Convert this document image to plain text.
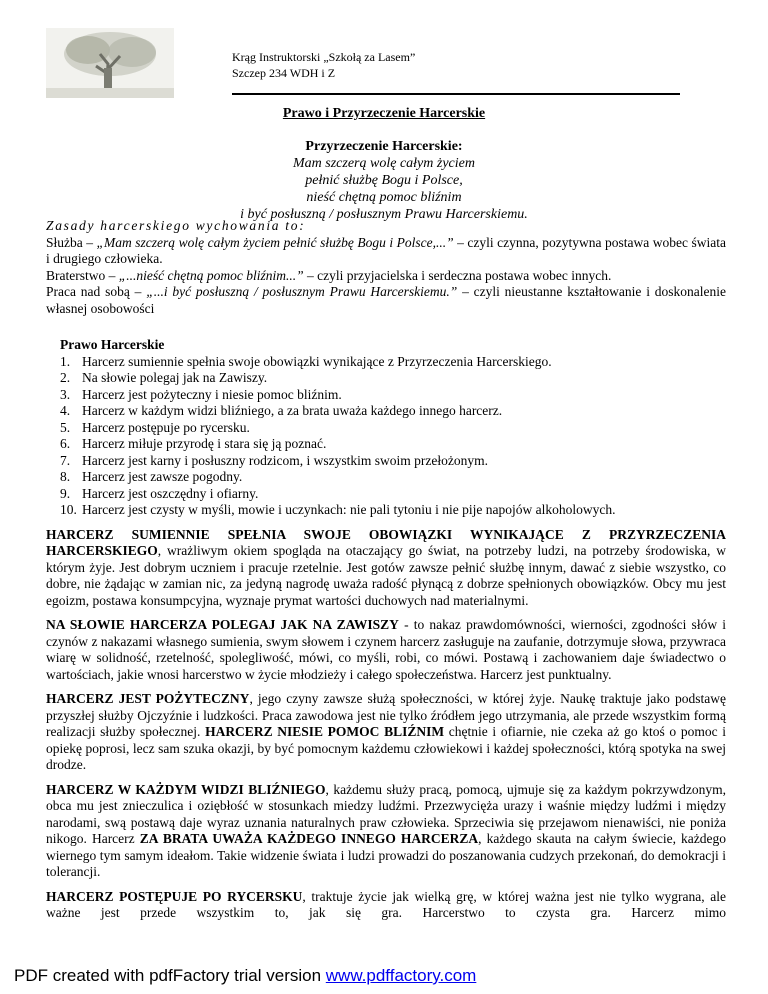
Krąg Instruktorski „Szkołą za Lasem”
Szczep 234 WDH i Z
Prawo i Przyrzeczenie Harcerskie
Przyrzeczenie Harcerskie:
Mam szczerą wolę całym życiem
pełnić służbę Bogu i Polsce,
nieść chętną pomoc bliźnim
i być posłuszną / posłusznym Prawu Harcerskiemu.
Zasady harcerskiego wychowania to:
Służba – „Mam szczerą wolę całym życiem pełnić służbę Bogu i Polsce,...” – czyli czynna, pozytywna postawa wobec świata i drugiego człowieka.
Braterstwo – „...nieść chętną pomoc bliźnim...” – czyli przyjacielska i serdeczna postawa wobec innych.
Praca nad sobą – „...i być posłuszną / posłusznym Prawu Harcerskiemu.” – czyli nieustanne kształtowanie i doskonalenie własnej osobowości
Prawo Harcerskie
1. Harcerz sumiennie spełnia swoje obowiązki wynikające z Przyrzeczenia Harcerskiego.
2. Na słowie polegaj jak na Zawiszy.
3. Harcerz jest pożyteczny i niesie pomoc bliźnim.
4. Harcerz w każdym widzi bliźniego, a za brata uważa każdego innego harcerz.
5. Harcerz postępuje po rycersku.
6. Harcerz miłuje przyrodę i stara się ją poznać.
7. Harcerz jest karny i posłuszny rodzicom, i wszystkim swoim przełożonym.
8. Harcerz jest zawsze pogodny.
9. Harcerz jest oszczędny i ofiarny.
10. Harcerz jest czysty w myśli, mowie i uczynkach: nie pali tytoniu i nie pije napojów alkoholowych.
HARCERZ SUMIENNIE SPEŁNIA SWOJE OBOWIĄZKI WYNIKAJĄCE Z PRZYRZECZENIA HARCERSKIEGO, wrażliwym okiem spogląda na otaczający go świat, na potrzeby ludzi, na potrzeby środowiska, w którym żyje. Jest dobrym uczniem i pracuje rzetelnie. Jest gotów zawsze pełnić służbę innym, dawać z siebie wszystko, co dobre, nie żądając w zamian nic, za jedyną nagrodę uważa radość płynącą z dobrze spełnionych obowiązków. Obcy mu jest egoizm, postawa konsumpcyjna, wyznaje prymat wartości duchowych nad materialnymi.
NA SŁOWIE HARCERZA POLEGAJ JAK NA ZAWISZY - to nakaz prawdomówności, wierności, zgodności słów i czynów z nakazami własnego sumienia, swym słowem i czynem harcerz zasługuje na zaufanie, dotrzymuje słowa, przywraca wiarę w solidność, rzetelność, spolegliwość, mówi, co myśli, robi, co mówi. Postawą i zachowaniem daje świadectwo o wartościach, jakie wnosi harcerstwo w życie młodzieży i całego społeczeństwa. Harcerz jest punktualny.
HARCERZ JEST POŻYTECZNY, jego czyny zawsze służą społeczności, w której żyje. Naukę traktuje jako podstawę przyszłej służby Ojczyźnie i ludzkości. Praca zawodowa jest nie tylko źródłem jego utrzymania, ale przede wszystkim formą realizacji służby społecznej. HARCERZ NIESIE POMOC BLIŹNIM chętnie i ofiarnie, nie czeka aż go ktoś o pomoc i opiekę poprosi, lecz sam szuka okazji, by być pomocnym każdemu człowiekowi i każdej społeczności, którą spotyka na swej drodze.
HARCERZ W KAŻDYM WIDZI BLIŹNIEGO, każdemu służy pracą, pomocą, ujmuje się za każdym pokrzywdzonym, obca mu jest znieczulica i oziębłość w stosunkach miedzy ludźmi. Przezwycięża urazy i waśnie między ludźmi i między narodami, swą postawą daje wyraz uznania naturalnych praw człowieka. Sprzeciwia się przejawom nienawiści, nie poniża nikogo. Harcerz ZA BRATA UWAŻA KAŻDEGO INNEGO HARCERZA, każdego skauta na całym świecie, każdego wiernego tym samym ideałom. Takie widzenie świata i ludzi prowadzi do poszanowania cudzych przekonań, do demokracji i tolerancji.
HARCERZ POSTĘPUJE PO RYCERSKU, traktuje życie jak wielką grę, w której ważna jest nie tylko wygrana, ale ważne jest przede wszystkim to, jak się gra. Harcerstwo to czysta gra. Harcerz mimo
PDF created with pdfFactory trial version www.pdffactory.com
